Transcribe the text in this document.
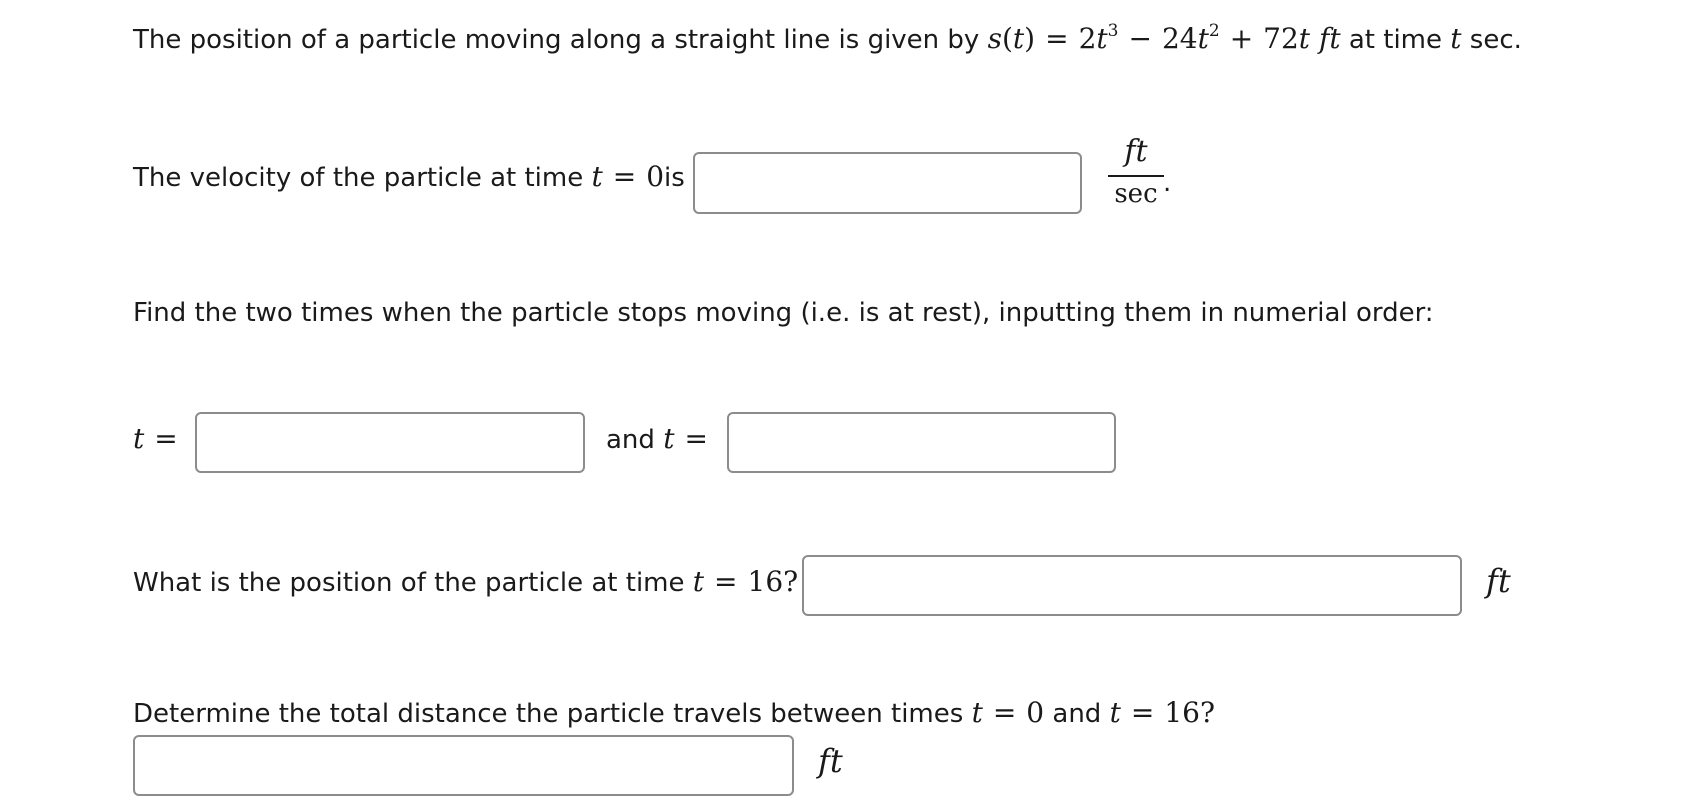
The position of a particle moving along a straight line is given by $s(t) = 2t^3 - 24t^2 + 72t$ ft at time t sec.
The velocity of the particle at time t = 0is
ft
sec .
Find the two times when the particle stops moving (i.e. is at rest), inputting them in numerial order:
t =	and t =
What is the position of the particle at time t = 16?	ft
Determine the total distance the particle travels between times t = 0 and t = 16?
ft
